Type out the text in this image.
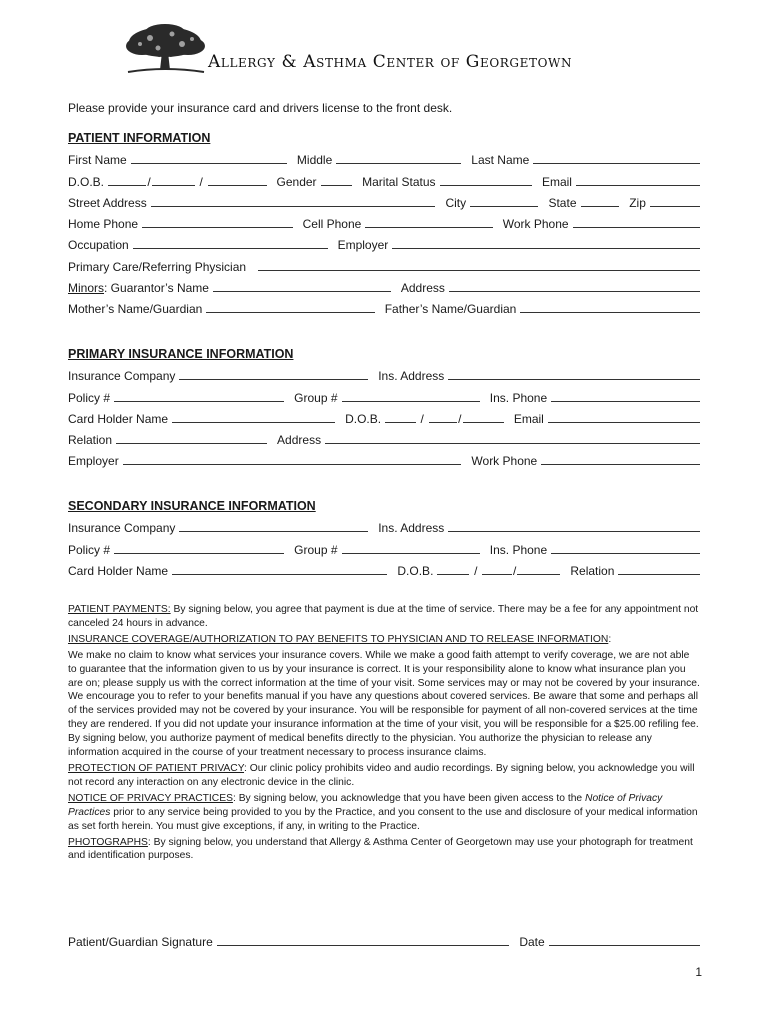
Allergy & Asthma Center of Georgetown
Please provide your insurance card and drivers license to the front desk.
PATIENT INFORMATION
First Name	Middle	Last Name
D.O.B.	/	/	Gender	Marital Status	Email
Street Address	City	State	Zip
Home Phone	Cell Phone	Work Phone
Occupation	Employer
Primary Care/Referring Physician
Minors: Guarantor’s Name	Address
Mother’s Name/Guardian	Father’s Name/Guardian
PRIMARY INSURANCE INFORMATION
Insurance Company	Ins. Address
Policy #	Group #	Ins. Phone
Card Holder Name	D.O.B.	/	/	Email
Relation	Address
Employer	Work Phone
SECONDARY INSURANCE INFORMATION
Insurance Company	Ins. Address
Policy #	Group #	Ins. Phone
Card Holder Name	D.O.B.	/	/	Relation

PATIENT PAYMENTS: By signing below, you agree that payment is due at the time of service. There may be a fee for any appointment not canceled 24 hours in advance.

INSURANCE COVERAGE/AUTHORIZATION TO PAY BENEFITS TO PHYSICIAN AND TO RELEASE INFORMATION:

We make no claim to know what services your insurance covers. While we make a good faith attempt to verify coverage, we are not able to guarantee that the information given to us by your insurance is correct. It is your responsibility alone to know what insurance plan you are on; please supply us with the correct information at the time of your visit. Some services may or may not be covered by your insurance. We encourage you to refer to your benefits manual if you have any questions about covered services. Be aware that some and perhaps all of the services provided may not be covered by your insurance. You will be responsible for payment of all non-covered services at the time they are rendered. If you did not update your insurance information at the time of your visit, you will be responsible for a $25.00 refiling fee. By signing below, you authorize payment of medical benefits directly to the physician. You authorize the physician to release any information acquired in the course of your treatment necessary to process insurance claims.

PROTECTION OF PATIENT PRIVACY: Our clinic policy prohibits video and audio recordings. By signing below, you acknowledge you will not record any interaction on any electronic device in the clinic.

NOTICE OF PRIVACY PRACTICES: By signing below, you acknowledge that you have been given access to the Notice of Privacy Practices prior to any service being provided to you by the Practice, and you consent to the use and disclosure of your medical information as set forth herein. You must give exceptions, if any, in writing to the Practice.

PHOTOGRAPHS: By signing below, you understand that Allergy & Asthma Center of Georgetown may use your photograph for treatment and identification purposes.

Patient/Guardian Signature	Date
1
